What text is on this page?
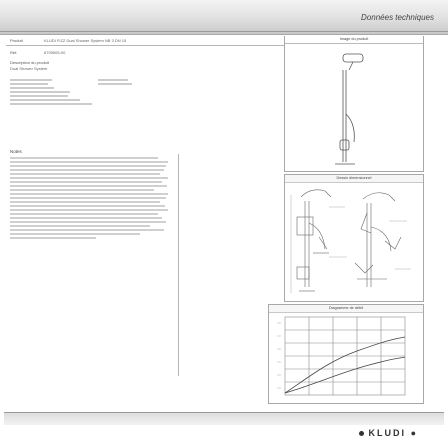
Données techniques
Produit	KLUDI FIZZ Dual Shower System NB 3 DN 15
Réf.	6709505-00
Description du produit
Dual Shower System
Notes
Image du produit
Dessin dimensionnel
Diagramme de débit
KLUDI ●
